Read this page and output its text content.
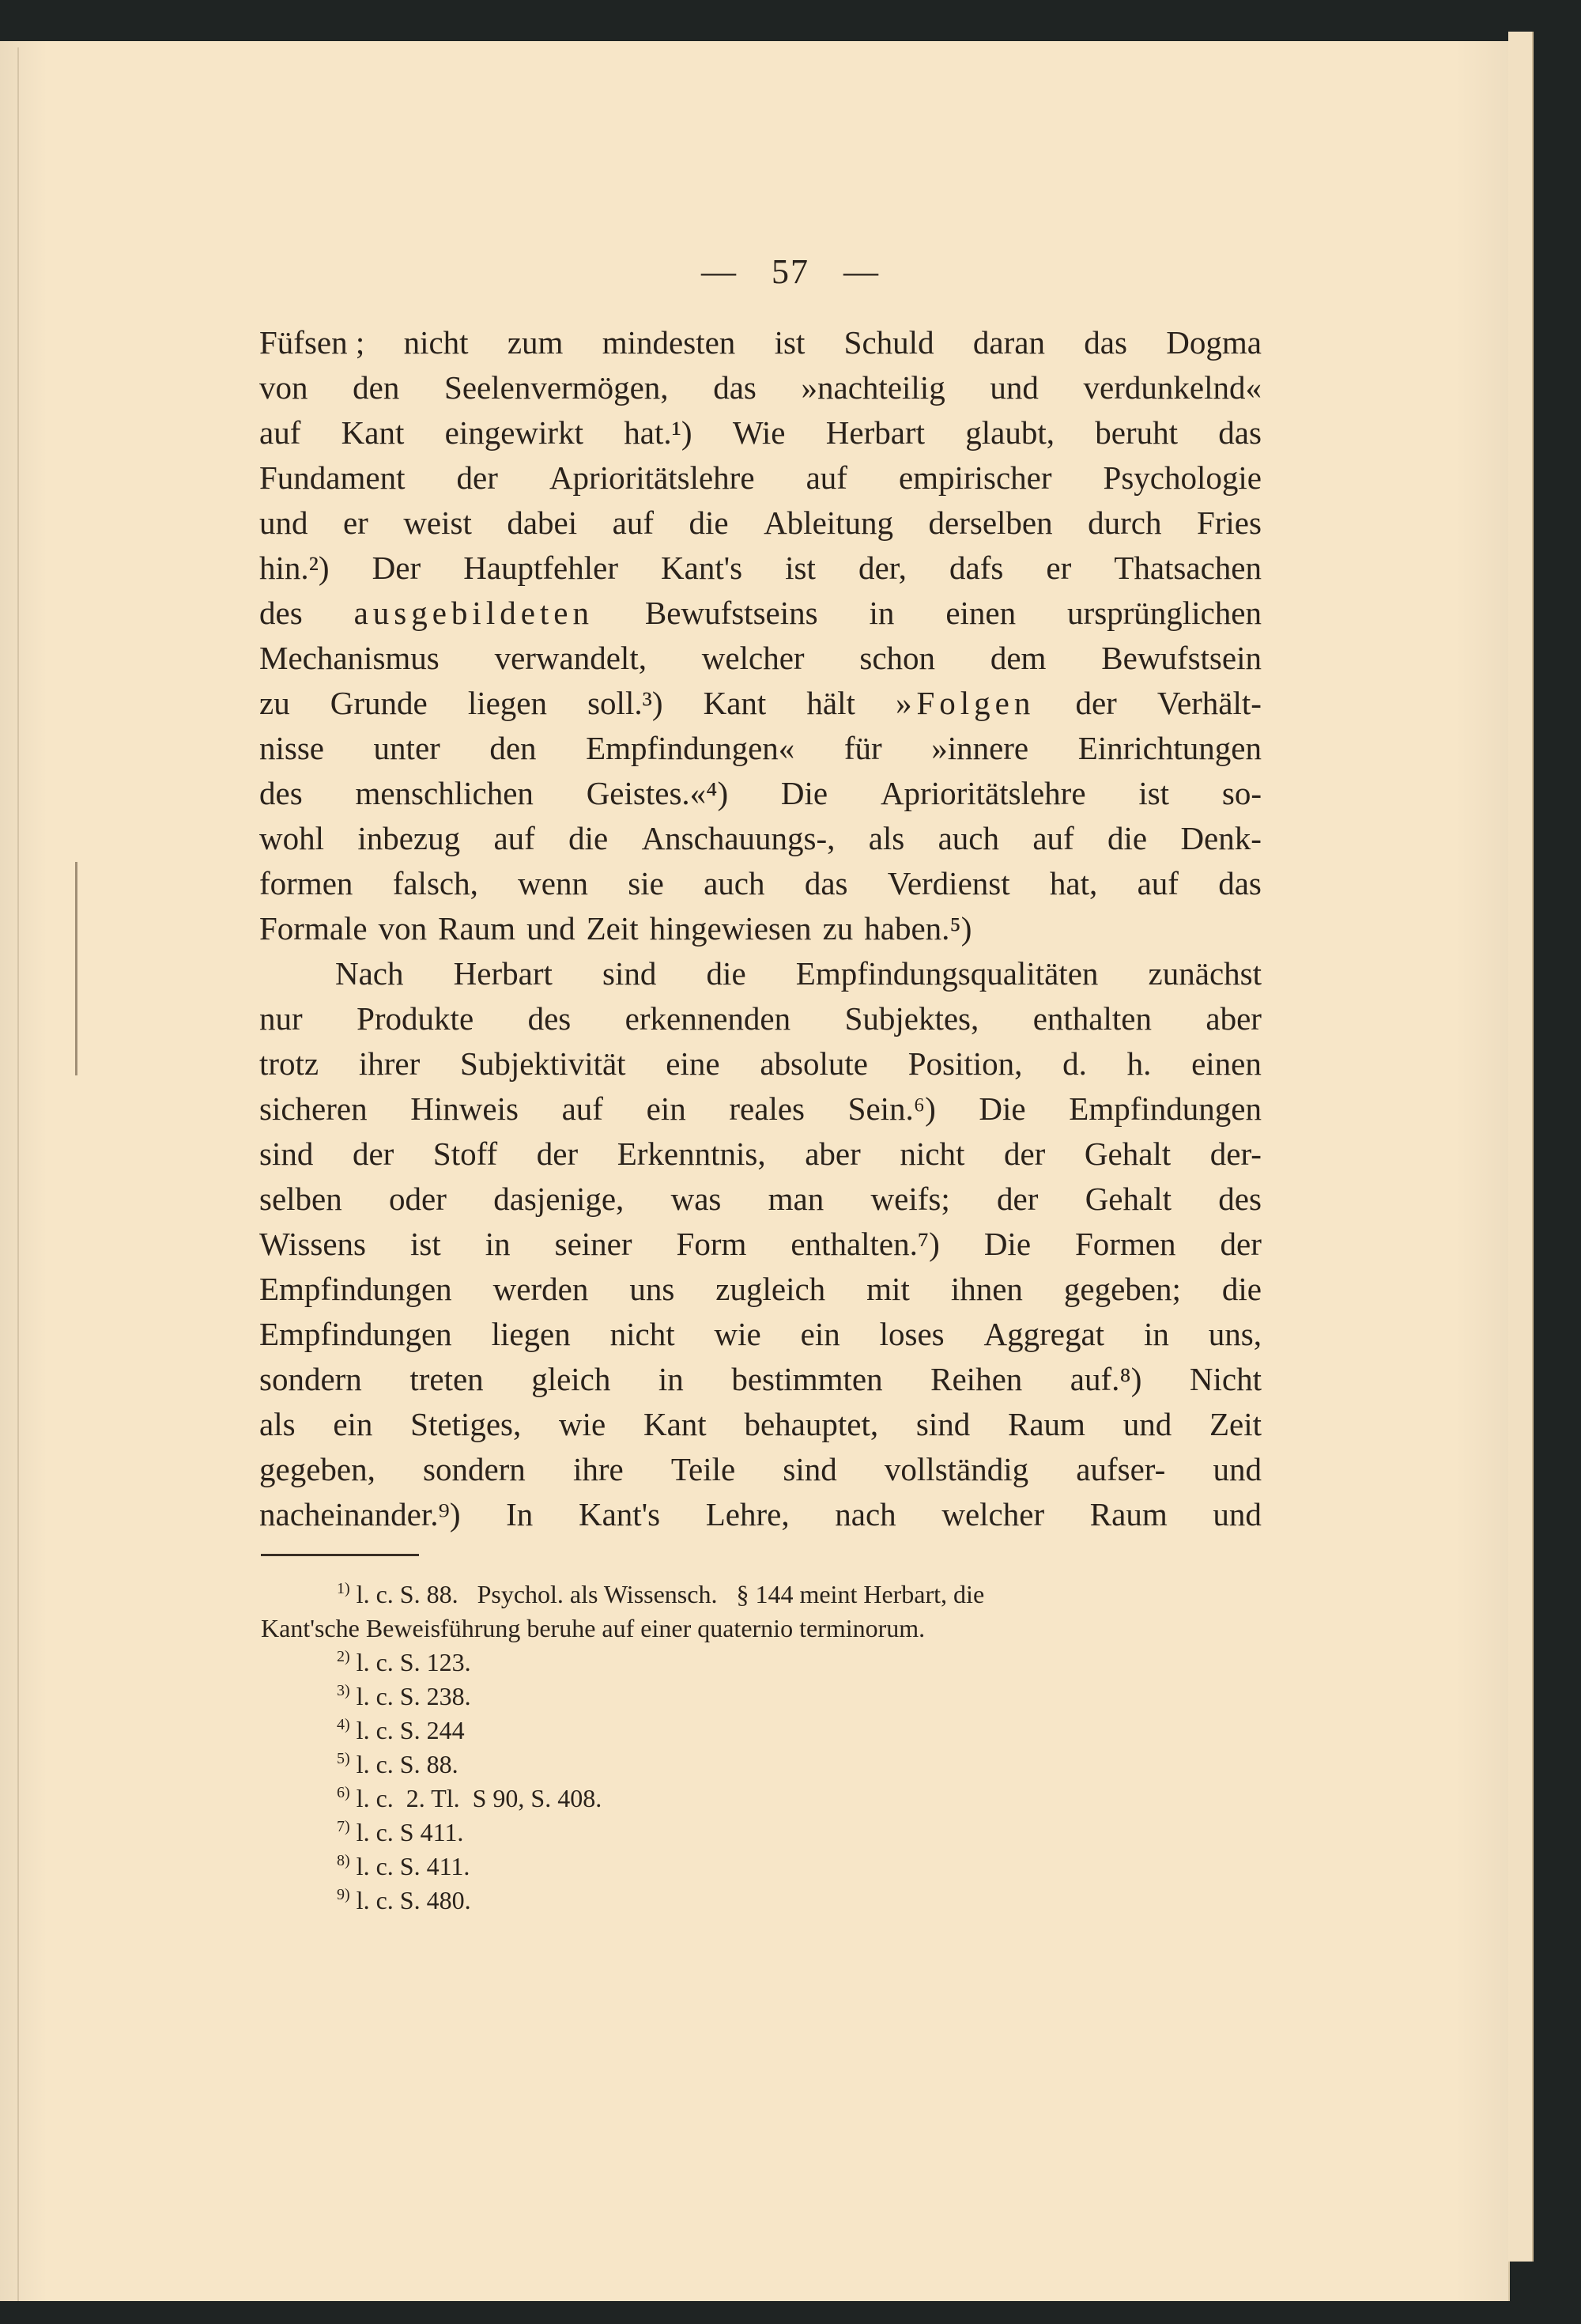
— 57 —
Füfsen ; nicht zum mindesten ist Schuld daran das Dogma
von den Seelenvermögen, das »nachteilig und verdunkelnd«
auf Kant eingewirkt hat.¹) Wie Herbart glaubt, beruht das
Fundament der Aprioritätslehre auf empirischer Psychologie
und er weist dabei auf die Ableitung derselben durch Fries
hin.²) Der Hauptfehler Kant's ist der, dafs er Thatsachen
des ausgebildeten Bewufstseins in einen ursprünglichen
Mechanismus verwandelt, welcher schon dem Bewufstsein
zu Grunde liegen soll.³) Kant hält »Folgen der Verhält-
nisse unter den Empfindungen« für »innere Einrichtungen
des menschlichen Geistes.«⁴) Die Aprioritätslehre ist so-
wohl inbezug auf die Anschauungs-, als auch auf die Denk-
formen falsch, wenn sie auch das Verdienst hat, auf das
Formale von Raum und Zeit hingewiesen zu haben.⁵)
Nach Herbart sind die Empfindungsqualitäten zunächst
nur Produkte des erkennenden Subjektes, enthalten aber
trotz ihrer Subjektivität eine absolute Position, d. h. einen
sicheren Hinweis auf ein reales Sein.⁶) Die Empfindungen
sind der Stoff der Erkenntnis, aber nicht der Gehalt der-
selben oder dasjenige, was man weifs; der Gehalt des
Wissens ist in seiner Form enthalten.⁷) Die Formen der
Empfindungen werden uns zugleich mit ihnen gegeben; die
Empfindungen liegen nicht wie ein loses Aggregat in uns,
sondern treten gleich in bestimmten Reihen auf.⁸) Nicht
als ein Stetiges, wie Kant behauptet, sind Raum und Zeit
gegeben, sondern ihre Teile sind vollständig aufser- und
nacheinander.⁹) In Kant's Lehre, nach welcher Raum und
$^{1)}$ l. c. S. 88.   Psychol. als Wissensch.   § 144 meint Herbart, die
Kant'sche Beweisführung beruhe auf einer quaternio terminorum.
$^{2)}$ l. c. S. 123.
$^{3)}$ l. c. S. 238.
$^{4)}$ l. c. S. 244
$^{5)}$ l. c. S. 88.
$^{6)}$ l. c.  2. Tl.  S 90, S. 408.
$^{7)}$ l. c. S 411.
$^{8)}$ l. c. S. 411.
$^{9)}$ l. c. S. 480.
